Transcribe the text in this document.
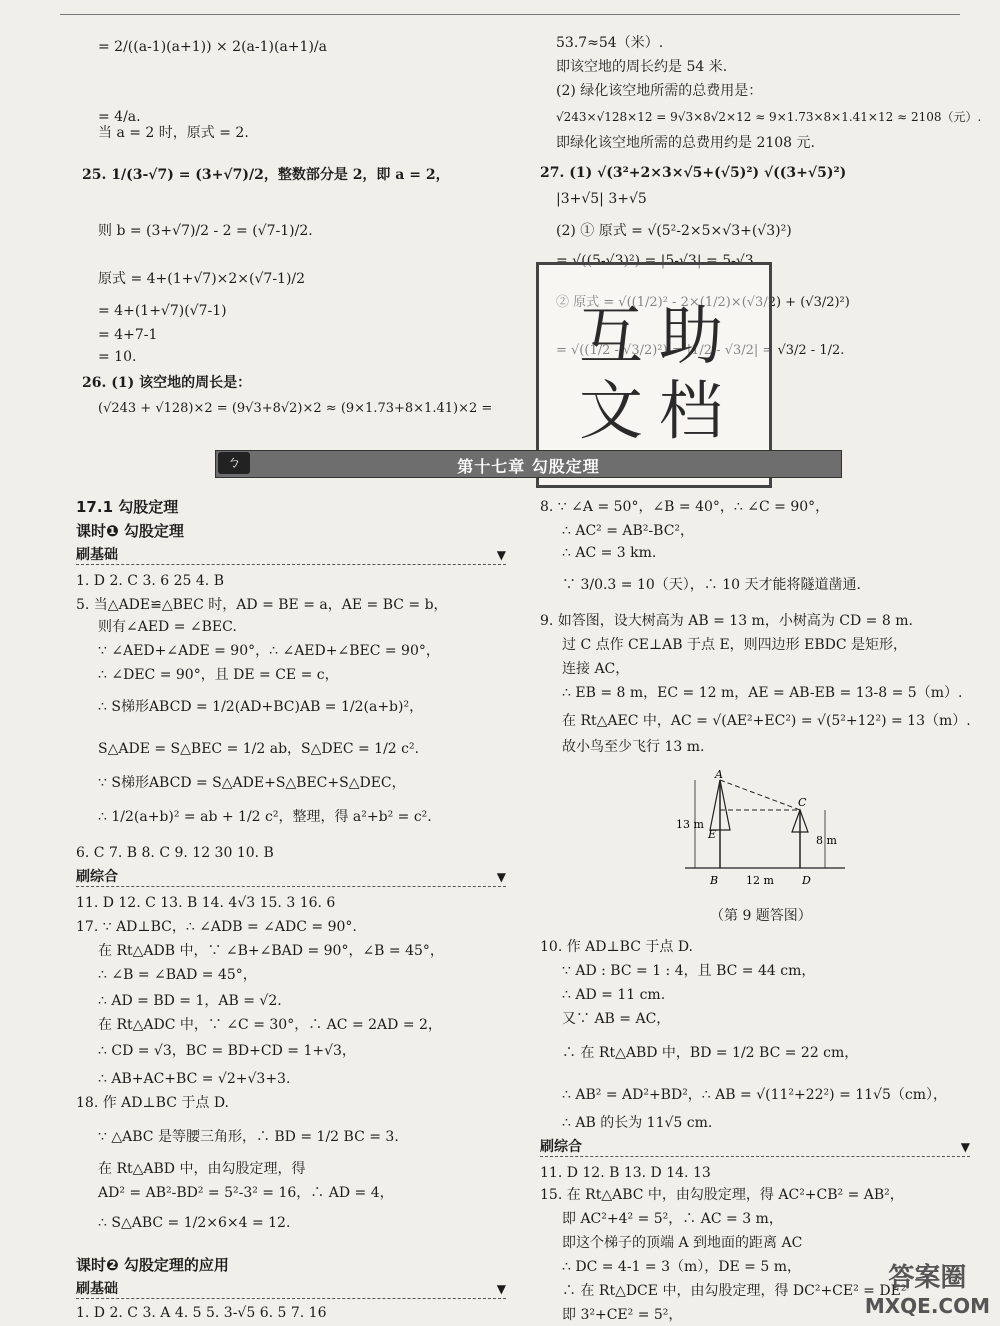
= 2/((a-1)(a+1)) × 2(a-1)(a+1)/a
= 4/a.
当 a = 2 时，原式 = 2.
25. 1/(3-√7) = (3+√7)/2，整数部分是 2，即 a = 2，
则 b = (3+√7)/2 - 2 = (√7-1)/2.
原式 = 4+(1+√7)×2×(√7-1)/2
= 4+(1+√7)(√7-1)
= 4+7-1
= 10.
26. (1) 该空地的周长是：
(√243 + √128)×2 = (9√3+8√2)×2 ≈ (9×1.73+8×1.41)×2 =
53.7≈54（米）.
即该空地的周长约是 54 米.
(2) 绿化该空地所需的总费用是：
√243×√128×12 = 9√3×8√2×12 ≈ 9×1.73×8×1.41×12 ≈ 2108（元）.
即绿化该空地所需的总费用约是 2108 元.
27. (1) √(3²+2×3×√5+(√5)²) √((3+√5)²)
|3+√5| 3+√5
(2) ① 原式 = √(5²-2×5×√3+(√3)²)
= √((5-√3)²) = |5-√3| = 5-√3.
② 原式 = √((1/2)² - 2×(1/2)×(√3/2) + (√3/2)²)
= √((1/2 - √3/2)²) = |1/2 - √3/2| = √3/2 - 1/2.
互 助
文 档
ㄅ	第十七章 勾股定理
17.1 勾股定理
课时❶ 勾股定理
刷基础	▼
1. D 2. C 3. 6 25 4. B
5. 当△ADE≌△BEC 时，AD = BE = a，AE = BC = b，
则有∠AED = ∠BEC.
∵ ∠AED+∠ADE = 90°，∴ ∠AED+∠BEC = 90°，
∴ ∠DEC = 90°，且 DE = CE = c，
∴ S梯形ABCD = 1/2(AD+BC)AB = 1/2(a+b)²，
S△ADE = S△BEC = 1/2 ab，S△DEC = 1/2 c².
∵ S梯形ABCD = S△ADE+S△BEC+S△DEC，
∴ 1/2(a+b)² = ab + 1/2 c²，整理，得 a²+b² = c².
6. C 7. B 8. C 9. 12 30 10. B
刷综合	▼
11. D 12. C 13. B 14. 4√3 15. 3 16. 6
17. ∵ AD⊥BC，∴ ∠ADB = ∠ADC = 90°.
在 Rt△ADB 中，∵ ∠B+∠BAD = 90°，∠B = 45°，
∴ ∠B = ∠BAD = 45°，
∴ AD = BD = 1，AB = √2.
在 Rt△ADC 中，∵ ∠C = 30°，∴ AC = 2AD = 2，
∴ CD = √3，BC = BD+CD = 1+√3，
∴ AB+AC+BC = √2+√3+3.
18. 作 AD⊥BC 于点 D.
∵ △ABC 是等腰三角形，∴ BD = 1/2 BC = 3.
在 Rt△ABD 中，由勾股定理，得
AD² = AB²-BD² = 5²-3² = 16，∴ AD = 4，
∴ S△ABC = 1/2×6×4 = 12.
课时❷ 勾股定理的应用
刷基础	▼
1. D 2. C 3. A 4. 5 5. 3-√5 6. 5 7. 16
8. ∵ ∠A = 50°，∠B = 40°，∴ ∠C = 90°，
∴ AC² = AB²-BC²，
∴ AC = 3 km.
∵ 3/0.3 = 10（天），∴ 10 天才能将隧道凿通.
9. 如答图，设大树高为 AB = 13 m，小树高为 CD = 8 m.
过 C 点作 CE⊥AB 于点 E，则四边形 EBDC 是矩形，
连接 AC，
∴ EB = 8 m，EC = 12 m，AE = AB-EB = 13-8 = 5（m）.
在 Rt△AEC 中，AC = √(AE²+EC²) = √(5²+12²) = 13（m）.
故小鸟至少飞行 13 m.
A
B
C
D
E
13 m
8 m
12 m
（第 9 题答图）
10. 作 AD⊥BC 于点 D.
∵ AD : BC = 1 : 4，且 BC = 44 cm，
∴ AD = 11 cm.
又∵ AB = AC，
∴ 在 Rt△ABD 中，BD = 1/2 BC = 22 cm，
∴ AB² = AD²+BD²，∴ AB = √(11²+22²) = 11√5（cm），
∴ AB 的长为 11√5 cm.
刷综合	▼
11. D 12. B 13. D 14. 13
15. 在 Rt△ABC 中，由勾股定理，得 AC²+CB² = AB²，
即 AC²+4² = 5²，∴ AC = 3 m，
即这个梯子的顶端 A 到地面的距离 AC
∴ DC = 4-1 = 3（m），DE = 5 m，
∴ 在 Rt△DCE 中，由勾股定理，得 DC²+CE² = DE²
即 3²+CE² = 5²，
答案圈
MXQE.COM
